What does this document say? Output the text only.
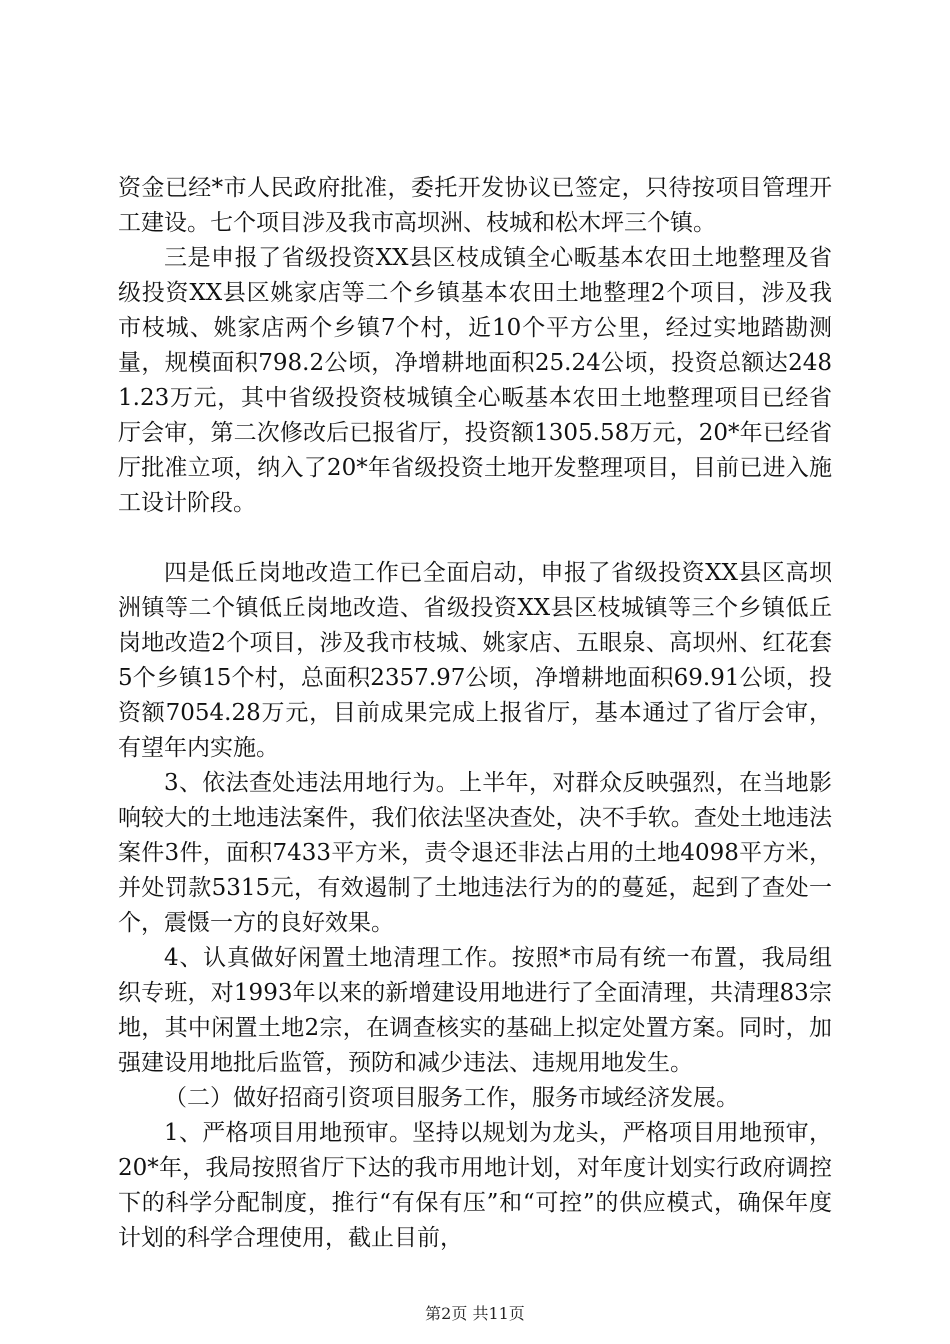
资金已经*市人民政府批准，委托开发协议已签定，只待按项目管理开工建设。七个项目涉及我市高坝洲、枝城和松木坪三个镇。

三是申报了省级投资XX县区枝成镇全心畈基本农田土地整理及省级投资XX县区姚家店等二个乡镇基本农田土地整理2个项目，涉及我市枝城、姚家店两个乡镇7个村，近10个平方公里，经过实地踏勘测量，规模面积798.2公顷，净增耕地面积25.24公顷，投资总额达2481.23万元，其中省级投资枝城镇全心畈基本农田土地整理项目已经省厅会审，第二次修改后已报省厅，投资额1305.58万元，20*年已经省厅批准立项，纳入了20*年省级投资土地开发整理项目，目前已进入施工设计阶段。

四是低丘岗地改造工作已全面启动，申报了省级投资XX县区高坝洲镇等二个镇低丘岗地改造、省级投资XX县区枝城镇等三个乡镇低丘岗地改造2个项目，涉及我市枝城、姚家店、五眼泉、高坝州、红花套5个乡镇15个村，总面积2357.97公顷，净增耕地面积69.91公顷，投资额7054.28万元，目前成果完成上报省厅，基本通过了省厅会审，有望年内实施。

3、依法查处违法用地行为。上半年，对群众反映强烈，在当地影响较大的土地违法案件，我们依法坚决查处，决不手软。查处土地违法案件3件，面积7433平方米，责令退还非法占用的土地4098平方米，并处罚款5315元，有效遏制了土地违法行为的的蔓延，起到了查处一个，震慑一方的良好效果。

4、认真做好闲置土地清理工作。按照*市局有统一布置，我局组织专班，对1993年以来的新增建设用地进行了全面清理，共清理83宗地，其中闲置土地2宗，在调查核实的基础上拟定处置方案。同时，加强建设用地批后监管，预防和减少违法、违规用地发生。

（二）做好招商引资项目服务工作，服务市域经济发展。

1、严格项目用地预审。坚持以规划为龙头，严格项目用地预审，20*年，我局按照省厅下达的我市用地计划，对年度计划实行政府调控下的科学分配制度，推行“有保有压”和“可控”的供应模式，确保年度计划的科学合理使用，截止目前，

第2页 共11页
